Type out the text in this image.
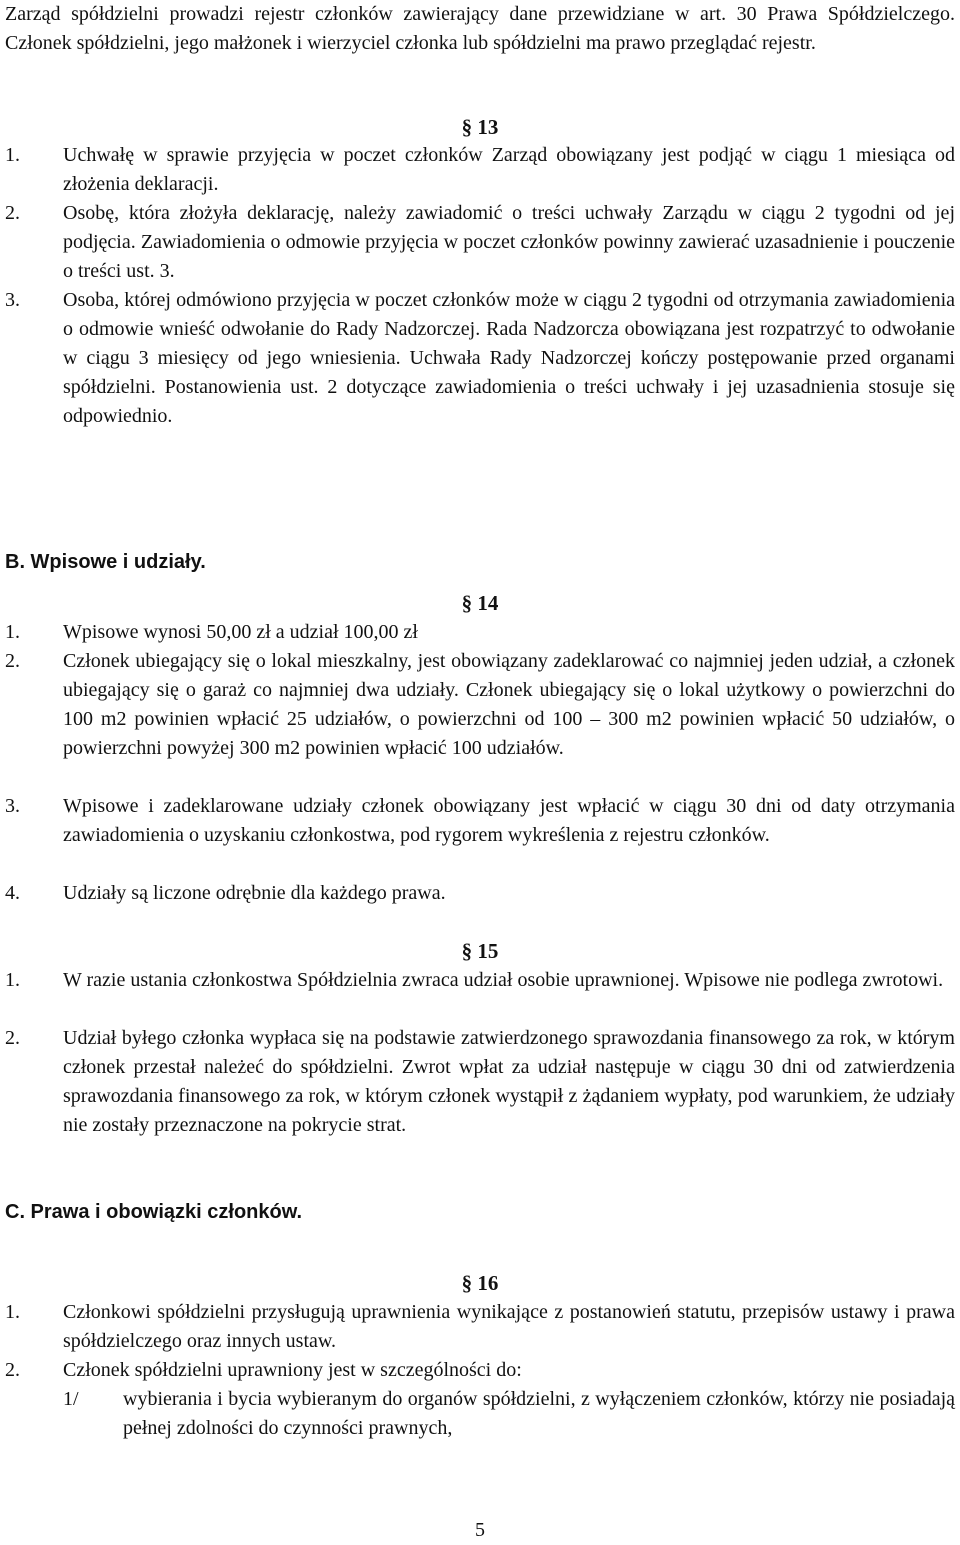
Zarząd spółdzielni prowadzi rejestr członków zawierający dane przewidziane w art. 30 Prawa Spółdzielczego. Członek spółdzielni, jego małżonek i wierzyciel członka lub spółdzielni ma prawo przeglądać rejestr.

§ 13
1. Uchwałę w sprawie przyjęcia w poczet członków Zarząd obowiązany jest podjąć w ciągu 1 miesiąca od złożenia deklaracji.
2. Osobę, która złożyła deklarację, należy zawiadomić o treści uchwały Zarządu w ciągu 2 tygodni od jej podjęcia. Zawiadomienia o odmowie przyjęcia w poczet członków powinny zawierać uzasadnienie i pouczenie o treści ust. 3.
3. Osoba, której odmówiono przyjęcia w poczet członków może w ciągu 2 tygodni od otrzymania zawiadomienia o odmowie wnieść odwołanie do Rady Nadzorczej. Rada Nadzorcza obowiązana jest rozpatrzyć to odwołanie w ciągu 3 miesięcy od jego wniesienia. Uchwała Rady Nadzorczej kończy postępowanie przed organami spółdzielni. Postanowienia ust. 2 dotyczące zawiadomienia o treści uchwały i jej uzasadnienia stosuje się odpowiednio.
B. Wpisowe i udziały.
§ 14
1. Wpisowe wynosi 50,00 zł a udział 100,00 zł
2. Członek ubiegający się o lokal mieszkalny, jest obowiązany zadeklarować co najmniej jeden udział, a członek ubiegający się o garaż co najmniej dwa udziały. Członek ubiegający się o lokal użytkowy o powierzchni do 100 m2 powinien wpłacić 25 udziałów, o powierzchni od 100 – 300 m2 powinien wpłacić 50 udziałów, o powierzchni powyżej 300 m2 powinien wpłacić 100 udziałów.
3. Wpisowe i zadeklarowane udziały członek obowiązany jest wpłacić w ciągu 30 dni od daty otrzymania zawiadomienia o uzyskaniu członkostwa, pod rygorem wykreślenia z rejestru członków.
4. Udziały są liczone odrębnie dla każdego prawa.
§ 15
1. W razie ustania członkostwa Spółdzielnia zwraca udział osobie uprawnionej. Wpisowe nie podlega zwrotowi.
2. Udział byłego członka wypłaca się na podstawie zatwierdzonego sprawozdania finansowego za rok, w którym członek przestał należeć do spółdzielni. Zwrot wpłat za udział następuje w ciągu 30 dni od zatwierdzenia sprawozdania finansowego za rok, w którym członek wystąpił z żądaniem wypłaty, pod warunkiem, że udziały nie zostały przeznaczone na pokrycie strat.
C. Prawa i obowiązki członków.
§ 16
1. Członkowi spółdzielni przysługują uprawnienia wynikające z postanowień statutu, przepisów ustawy i prawa spółdzielczego oraz innych ustaw.
2. Członek spółdzielni uprawniony jest w szczególności do:
1/ wybierania i bycia wybieranym do organów spółdzielni, z wyłączeniem członków, którzy nie posiadają pełnej zdolności do czynności prawnych,
5
